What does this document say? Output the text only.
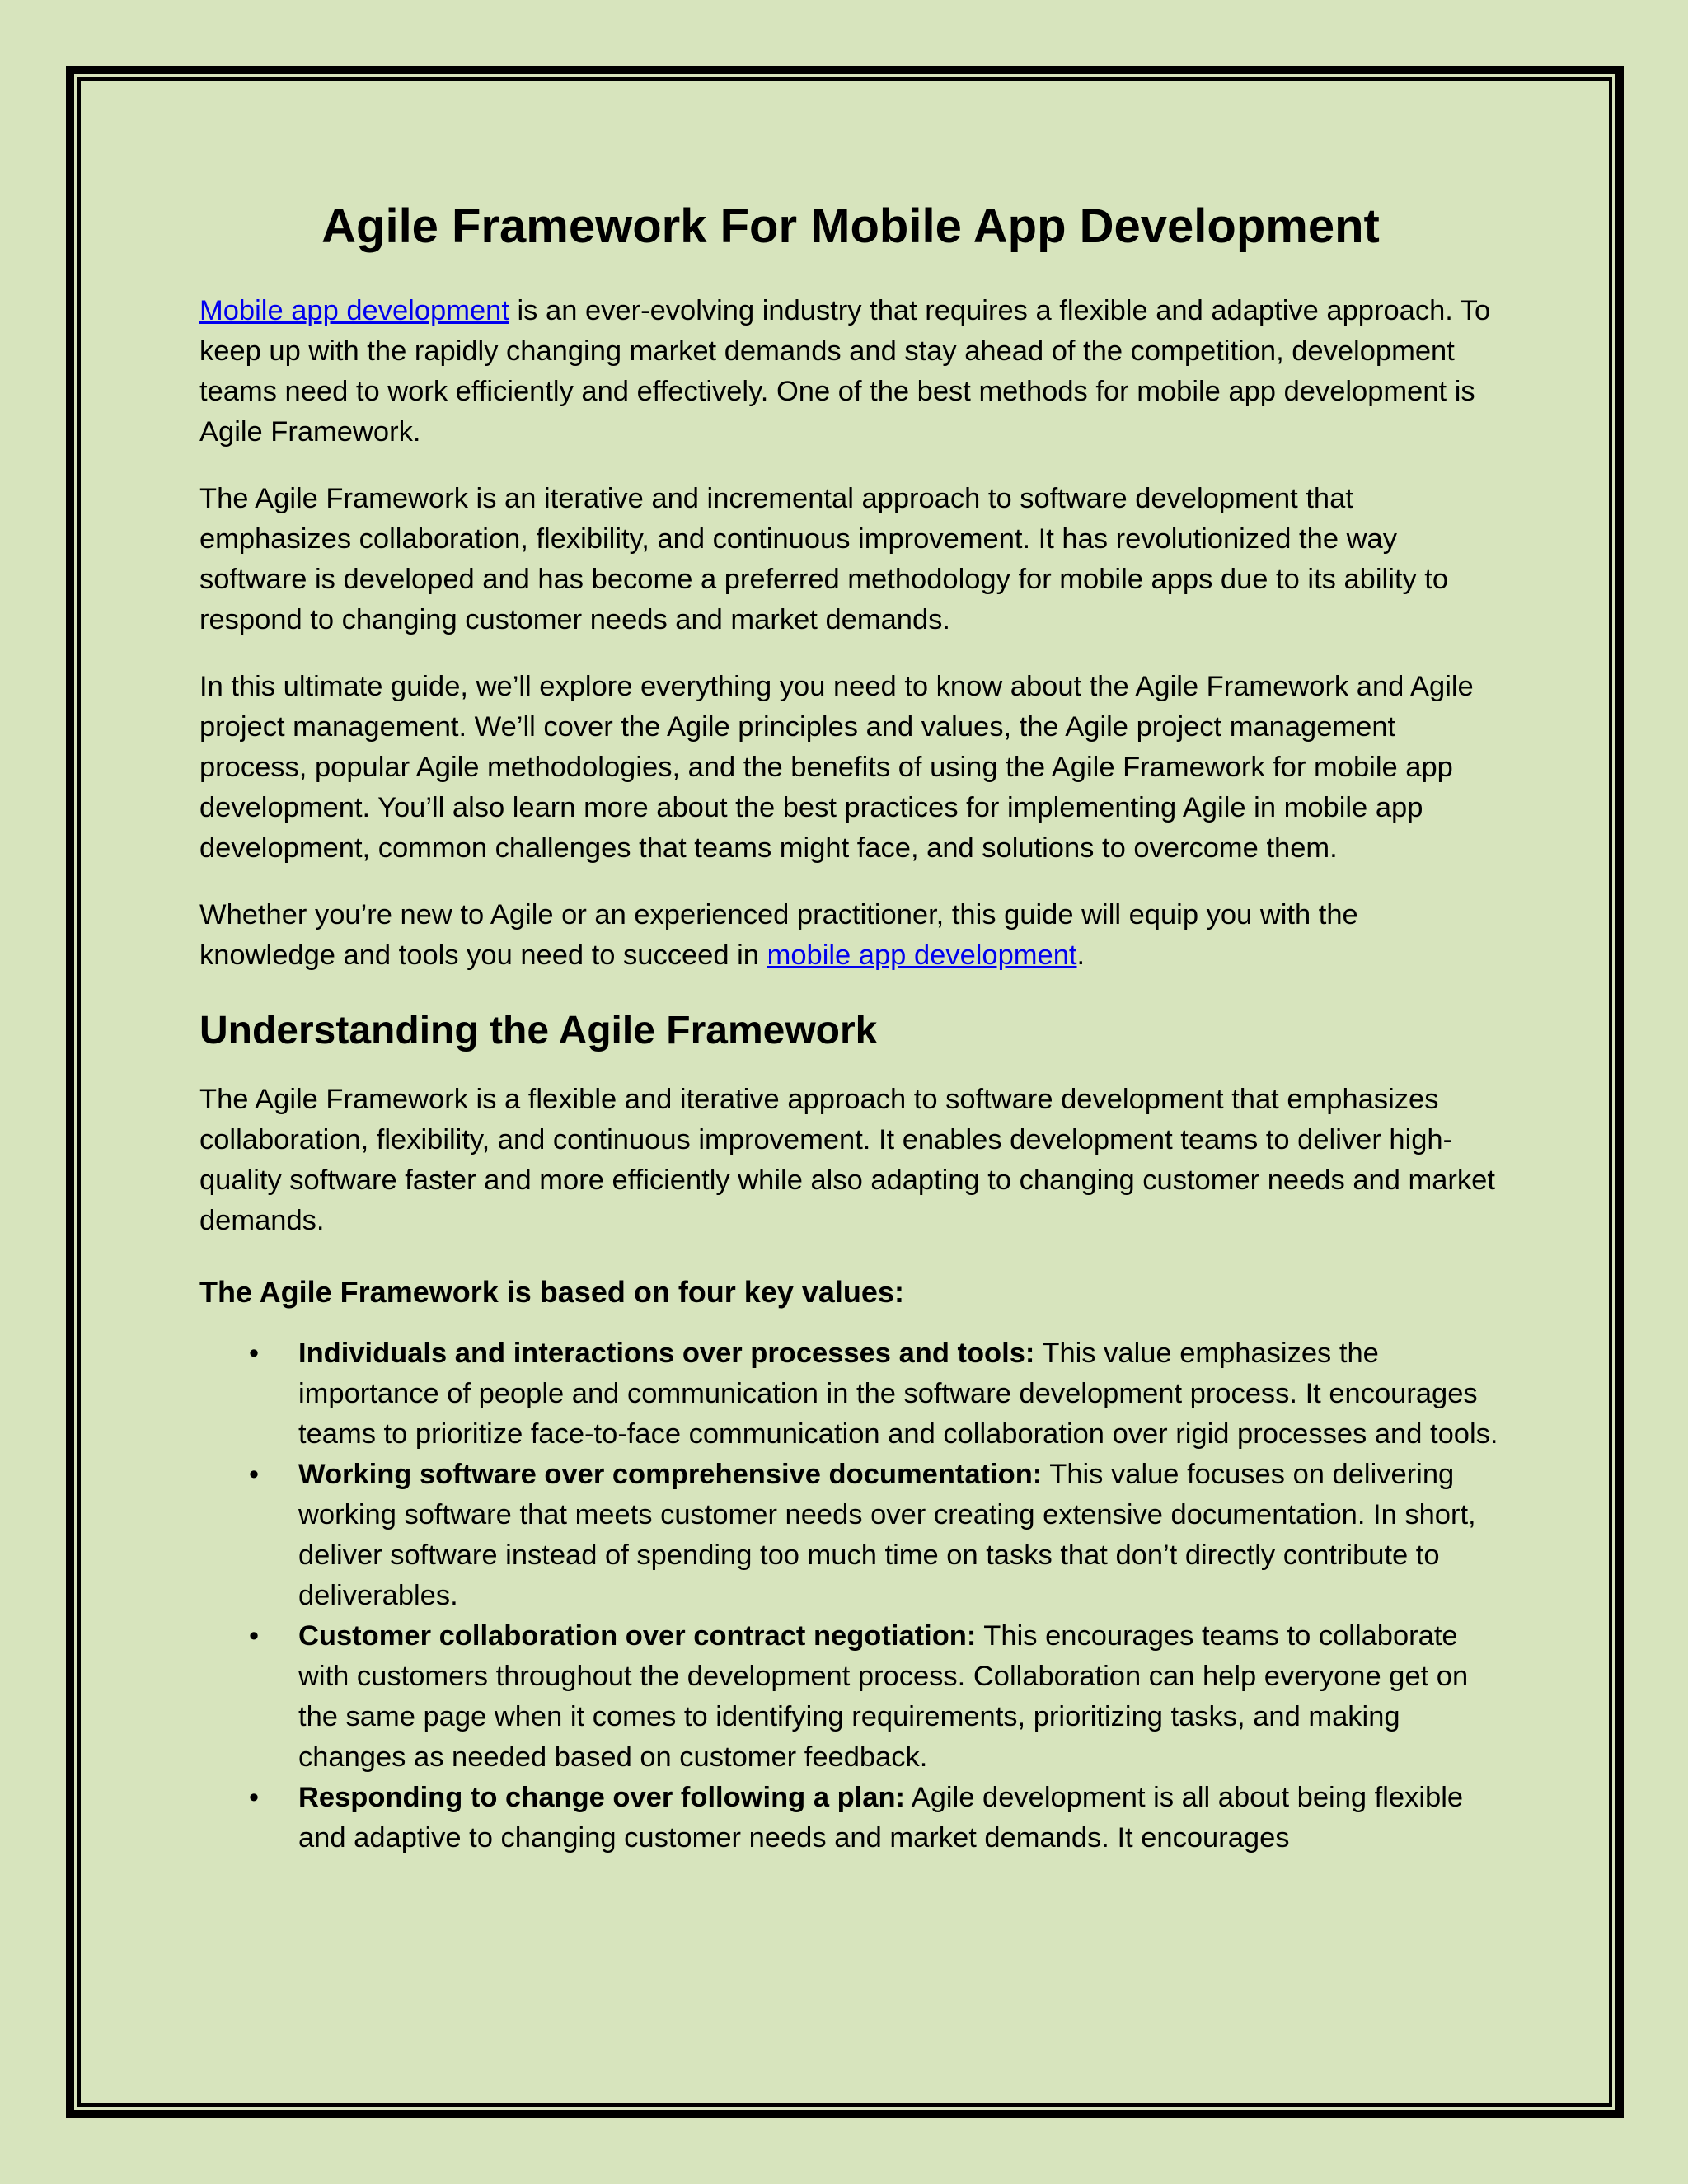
Agile Framework For Mobile App Development

Mobile app development is an ever-evolving industry that requires a flexible and adaptive approach. To keep up with the rapidly changing market demands and stay ahead of the competition, development teams need to work efficiently and effectively. One of the best methods for mobile app development is Agile Framework.

The Agile Framework is an iterative and incremental approach to software development that emphasizes collaboration, flexibility, and continuous improvement. It has revolutionized the way software is developed and has become a preferred methodology for mobile apps due to its ability to respond to changing customer needs and market demands.

In this ultimate guide, we’ll explore everything you need to know about the Agile Framework and Agile project management. We’ll cover the Agile principles and values, the Agile project management process, popular Agile methodologies, and the benefits of using the Agile Framework for mobile app development. You’ll also learn more about the best practices for implementing Agile in mobile app development, common challenges that teams might face, and solutions to overcome them.

Whether you’re new to Agile or an experienced practitioner, this guide will equip you with the knowledge and tools you need to succeed in mobile app development.

Understanding the Agile Framework

The Agile Framework is a flexible and iterative approach to software development that emphasizes collaboration, flexibility, and continuous improvement. It enables development teams to deliver high-quality software faster and more efficiently while also adapting to changing customer needs and market demands.

The Agile Framework is based on four key values:
• Individuals and interactions over processes and tools: This value emphasizes the importance of people and communication in the software development process. It encourages teams to prioritize face-to-face communication and collaboration over rigid processes and tools.
• Working software over comprehensive documentation: This value focuses on delivering working software that meets customer needs over creating extensive documentation. In short, deliver software instead of spending too much time on tasks that don’t directly contribute to deliverables.
• Customer collaboration over contract negotiation: This encourages teams to collaborate with customers throughout the development process. Collaboration can help everyone get on the same page when it comes to identifying requirements, prioritizing tasks, and making changes as needed based on customer feedback.
• Responding to change over following a plan: Agile development is all about being flexible and adaptive to changing customer needs and market demands. It encourages
